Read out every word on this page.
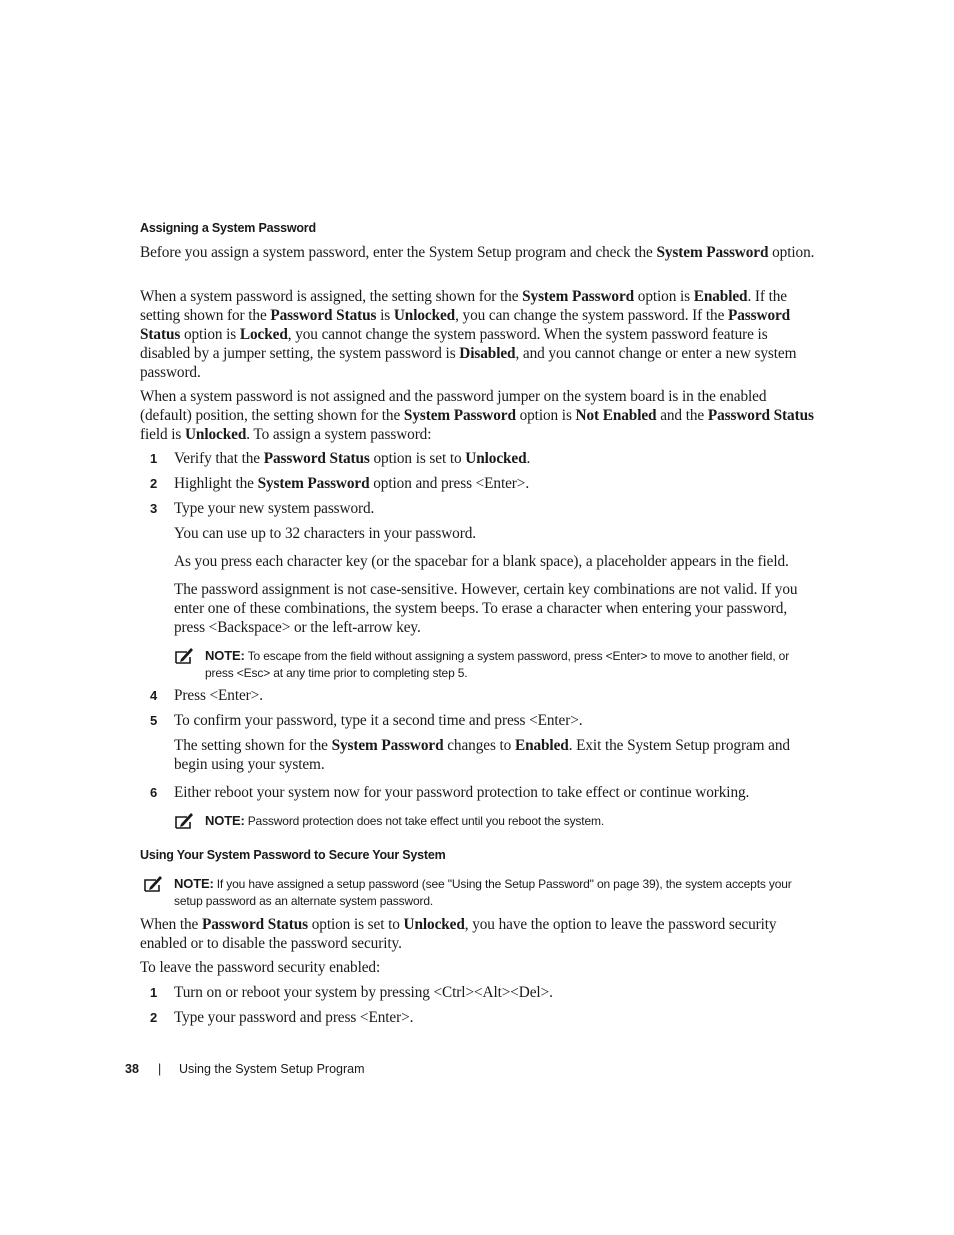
Assigning a System Password

Before you assign a system password, enter the System Setup program and check the System Password option.

When a system password is assigned, the setting shown for the System Password option is Enabled. If the setting shown for the Password Status is Unlocked, you can change the system password. If the Password Status option is Locked, you cannot change the system password. When the system password feature is disabled by a jumper setting, the system password is Disabled, and you cannot change or enter a new system password.

When a system password is not assigned and the password jumper on the system board is in the enabled (default) position, the setting shown for the System Password option is Not Enabled and the Password Status field is Unlocked. To assign a system password:

1 Verify that the Password Status option is set to Unlocked.

2 Highlight the System Password option and press <Enter>.

3 Type your new system password.

You can use up to 32 characters in your password.

As you press each character key (or the spacebar for a blank space), a placeholder appears in the field.

The password assignment is not case-sensitive. However, certain key combinations are not valid. If you enter one of these combinations, the system beeps. To erase a character when entering your password, press <Backspace> or the left-arrow key.

NOTE: To escape from the field without assigning a system password, press <Enter> to move to another field, or press <Esc> at any time prior to completing step 5.
4 Press <Enter>.

5 To confirm your password, type it a second time and press <Enter>.

The setting shown for the System Password changes to Enabled. Exit the System Setup program and begin using your system.

6 Either reboot your system now for your password protection to take effect or continue working.

NOTE: Password protection does not take effect until you reboot the system.
Using Your System Password to Secure Your System
NOTE: If you have assigned a setup password (see "Using the Setup Password" on page 39), the system accepts your setup password as an alternate system password.

When the Password Status option is set to Unlocked, you have the option to leave the password security enabled or to disable the password security.

To leave the password security enabled:

1 Turn on or reboot your system by pressing <Ctrl><Alt><Del>.

2 Type your password and press <Enter>.

38 | Using the System Setup Program
